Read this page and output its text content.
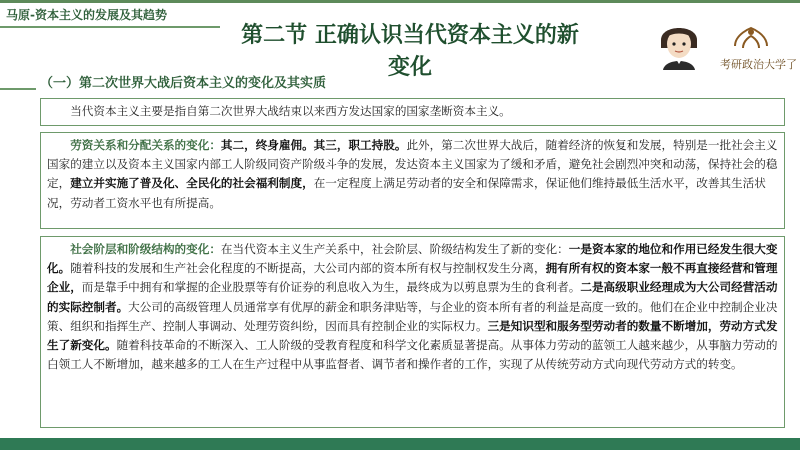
马原-资本主义的发展及其趋势
第二节 正确认识当代资本主义的新
变化	考研政治大学了
（一）第二次世界大战后资本主义的变化及其实质
当代资本主义主要是指自第二次世界大战结束以来西方发达国家的国家垄断资本主义。
劳资关系和分配关系的变化：其二，终身雇佣。其三，职工持股。此外，第二次世界大战后，随着经济的恢复和发展，特别是一批社会主义国家的建立以及资本主义国家内部工人阶级同资产阶级斗争的发展，发达资本主义国家为了缓和矛盾，避免社会剧烈冲突和动荡，保持社会的稳定，建立并实施了普及化、全民化的社会福利制度，在一定程度上满足劳动者的安全和保障需求，保证他们维持最低生活水平，改善其生活状况，劳动者工资水平也有所提高。
社会阶层和阶级结构的变化：在当代资本主义生产关系中，社会阶层、阶级结构发生了新的变化：一是资本家的地位和作用已经发生很大变化。随着科技的发展和生产社会化程度的不断提高，大公司内部的资本所有权与控制权发生分离，拥有所有权的资本家一般不再直接经营和管理企业，而是靠手中拥有和掌握的企业股票等有价证券的利息收入为生，最终成为以剪息票为生的食利者。二是高级职业经理成为大公司经营活动的实际控制者。大公司的高级管理人员通常享有优厚的薪金和职务津贴等，与企业的资本所有者的利益是高度一致的。他们在企业中控制企业决策、组织和指挥生产、控制人事调动、处理劳资纠纷，因而具有控制企业的实际权力。三是知识型和服务型劳动者的数量不断增加，劳动方式发生了新变化。随着科技革命的不断深入、工人阶级的受教育程度和科学文化素质显著提高。从事体力劳动的蓝领工人越来越少，从事脑力劳动的白领工人不断增加，越来越多的工人在生产过程中从事监督者、调节者和操作者的工作，实现了从传统劳动方式向现代劳动方式的转变。
